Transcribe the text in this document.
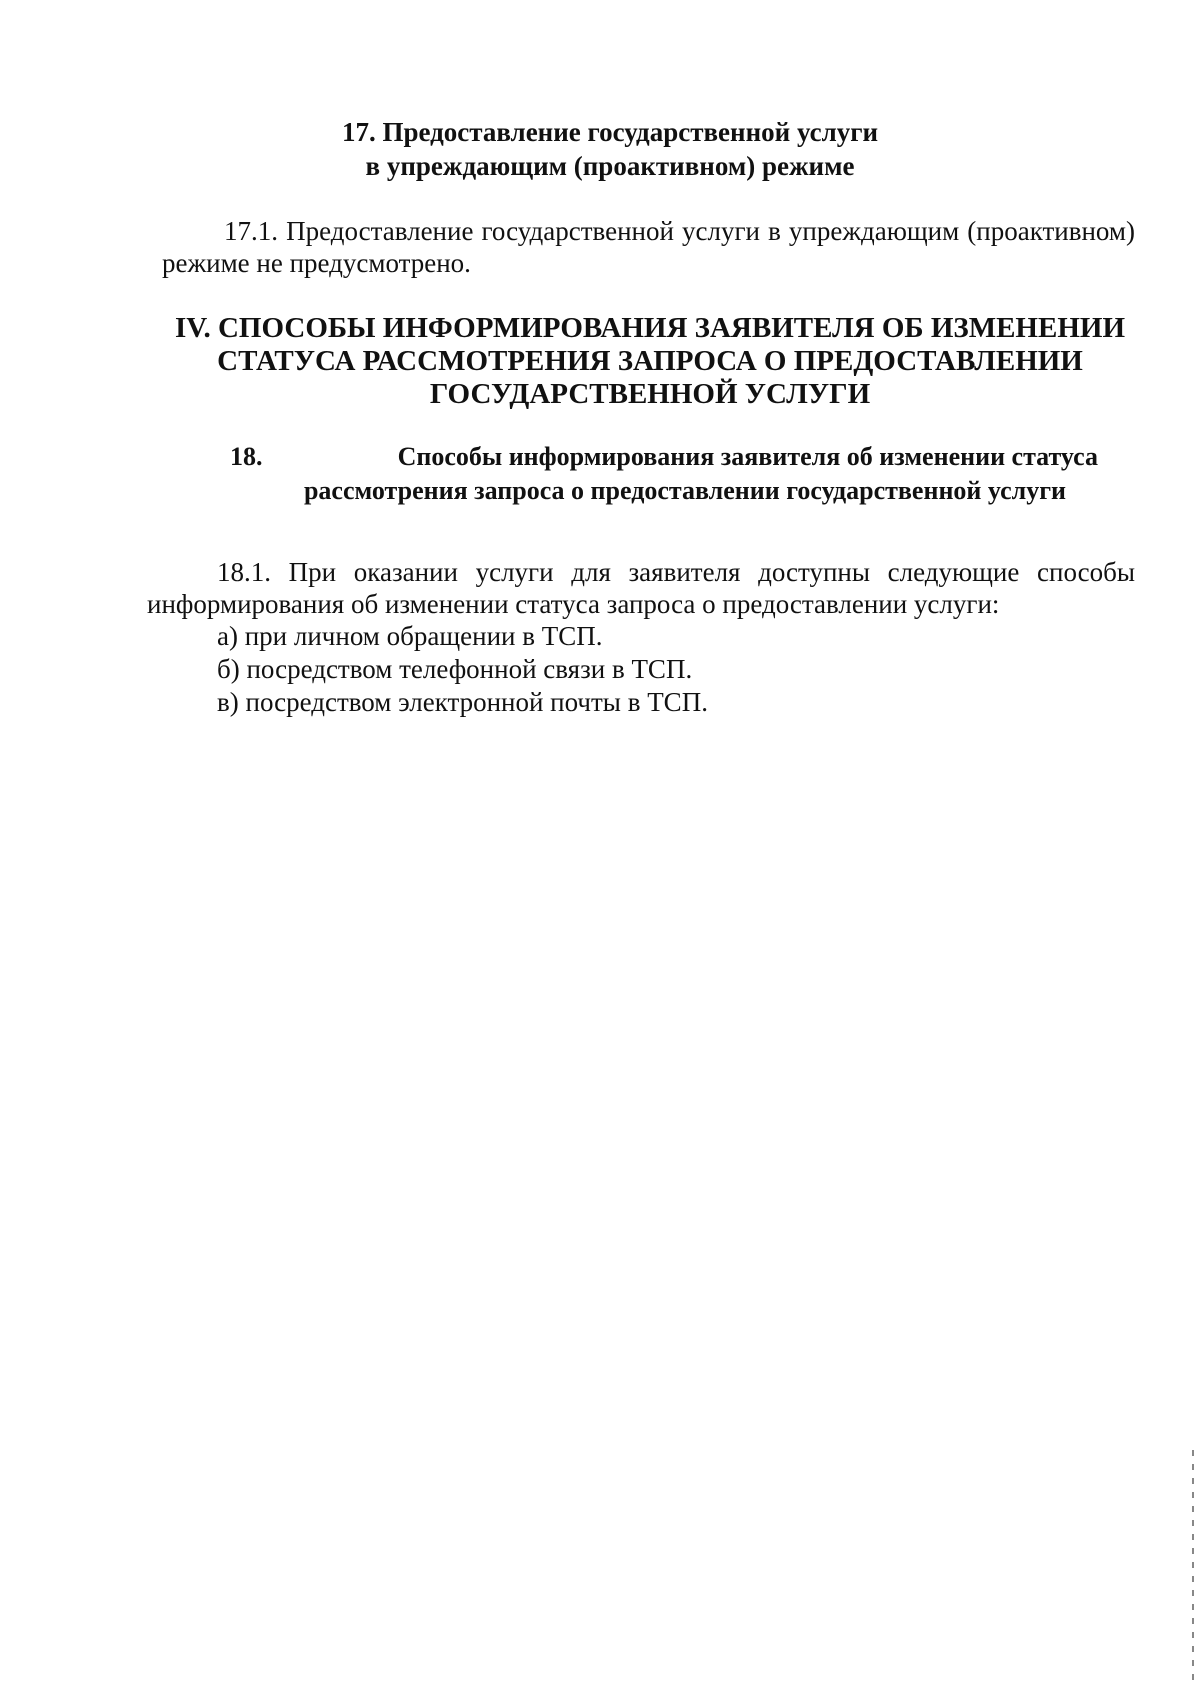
17. Предоставление государственной услуги
в упреждающим (проактивном) режиме
17.1. Предоставление государственной услуги в упреждающим (проактивном) режиме не предусмотрено.
IV. СПОСОБЫ ИНФОРМИРОВАНИЯ ЗАЯВИТЕЛЯ ОБ ИЗМЕНЕНИИ
СТАТУСА РАССМОТРЕНИЯ ЗАПРОСА О ПРЕДОСТАВЛЕНИИ
ГОСУДАРСТВЕННОЙ УСЛУГИ
18.	Способы информирования заявителя об изменении статуса
рассмотрения запроса о предоставлении государственной услуги
18.1. При оказании услуги для заявителя доступны следующие способы информирования об изменении статуса запроса о предоставлении услуги:
а) при личном обращении в ТСП.
б) посредством телефонной связи в ТСП.
в) посредством электронной почты в ТСП.
